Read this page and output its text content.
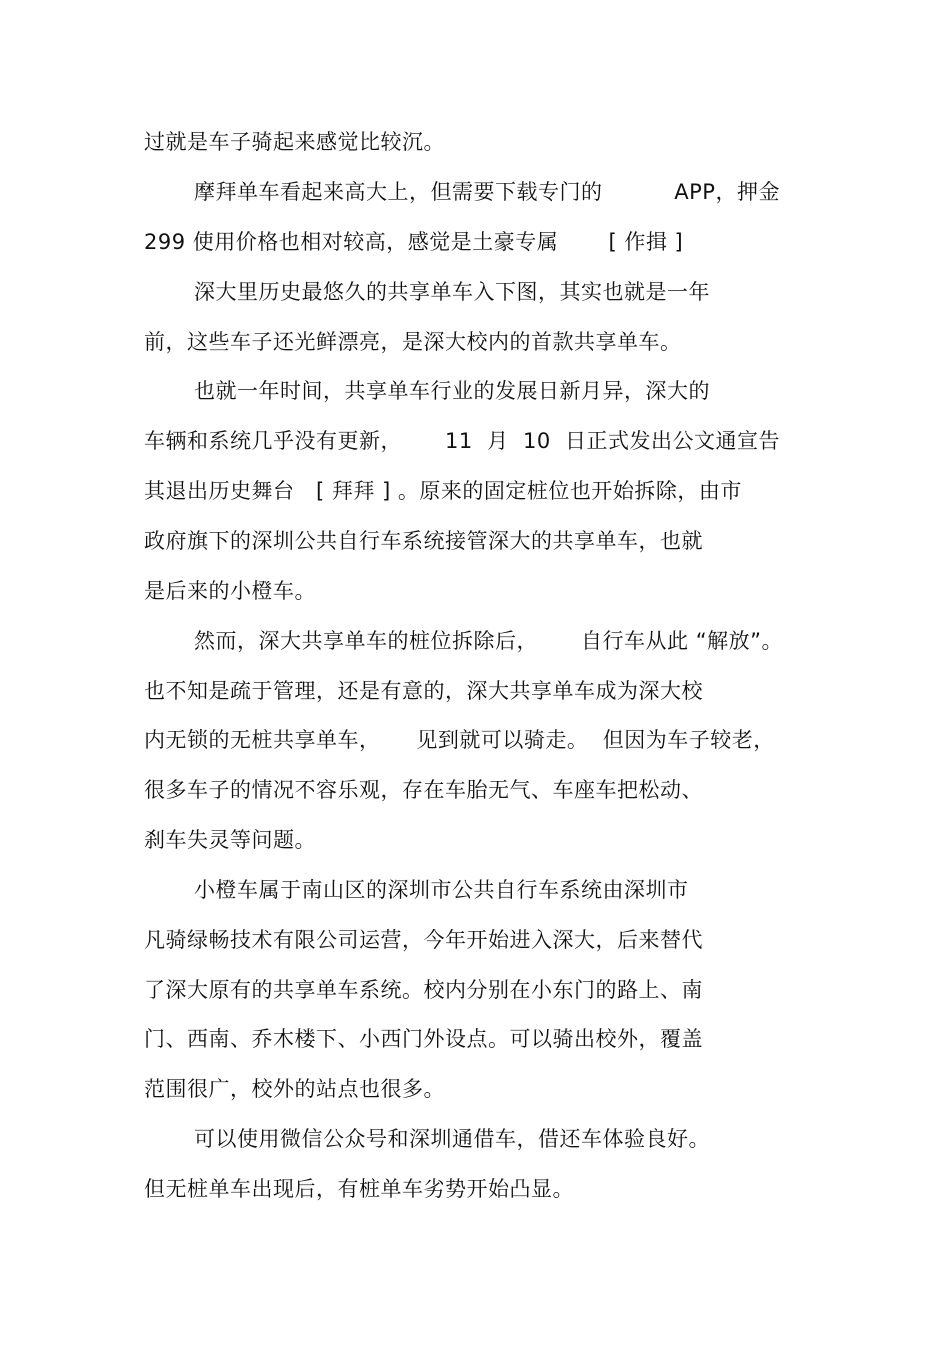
过就是车子骑起来感觉比较沉。
摩拜单车看起来高大上，但需要下载专门的          APP，押金
299 使用价格也相对较高，感觉是土豪专属       [ 作揖 ]
深大里历史最悠久的共享单车入下图，其实也就是一年
前，这些车子还光鲜漂亮，是深大校内的首款共享单车。
也就一年时间，共享单车行业的发展日新月异，深大的
车辆和系统几乎没有更新，      11  月  10  日正式发出公文通宣告
其退出历史舞台   [ 拜拜 ] 。原来的固定桩位也开始拆除，由市
政府旗下的深圳公共自行车系统接管深大的共享单车，也就
是后来的小橙车。
然而，深大共享单车的桩位拆除后，      自行车从此 “解放”。
也不知是疏于管理，还是有意的，深大共享单车成为深大校
内无锁的无桩共享单车，     见到就可以骑走。  但因为车子较老，
很多车子的情况不容乐观，存在车胎无气、车座车把松动、
刹车失灵等问题。
小橙车属于南山区的深圳市公共自行车系统由深圳市
凡骑绿畅技术有限公司运营，今年开始进入深大，后来替代
了深大原有的共享单车系统。校内分别在小东门的路上、南
门、西南、乔木楼下、小西门外设点。可以骑出校外，覆盖
范围很广，校外的站点也很多。
可以使用微信公众号和深圳通借车，借还车体验良好。
但无桩单车出现后，有桩单车劣势开始凸显。
